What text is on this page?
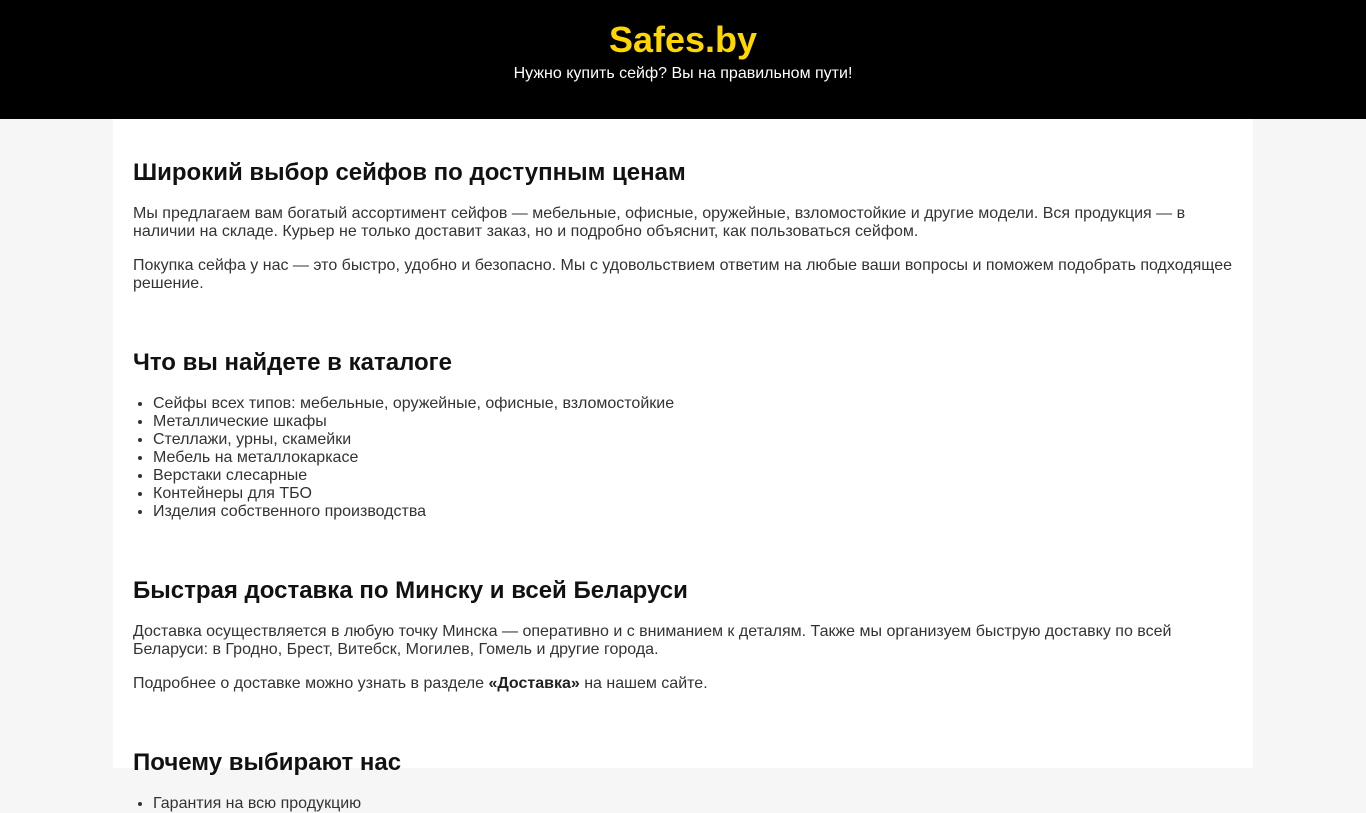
Safes.by

Нужно купить сейф? Вы на правильном пути!

Широкий выбор сейфов по доступным ценам

Мы предлагаем вам богатый ассортимент сейфов — мебельные, офисные, оружейные, взломостойкие и другие модели. Вся продукция — в наличии на складе. Курьер не только доставит заказ, но и подробно объяснит, как пользоваться сейфом.

Покупка сейфа у нас — это быстро, удобно и безопасно. Мы с удовольствием ответим на любые ваши вопросы и поможем подобрать подходящее решение.

Что вы найдете в каталоге
• Сейфы всех типов: мебельные, оружейные, офисные, взломостойкие
• Металлические шкафы
• Стеллажи, урны, скамейки
• Мебель на металлокаркасе
• Верстаки слесарные
• Контейнеры для ТБО
• Изделия собственного производства
Быстрая доставка по Минску и всей Беларуси

Доставка осуществляется в любую точку Минска — оперативно и с вниманием к деталям. Также мы организуем быструю доставку по всей Беларуси: в Гродно, Брест, Витебск, Могилев, Гомель и другие города.

Подробнее о доставке можно узнать в разделе «Доставка» на нашем сайте.

Почему выбирают нас
• Гарантия на всю продукцию
